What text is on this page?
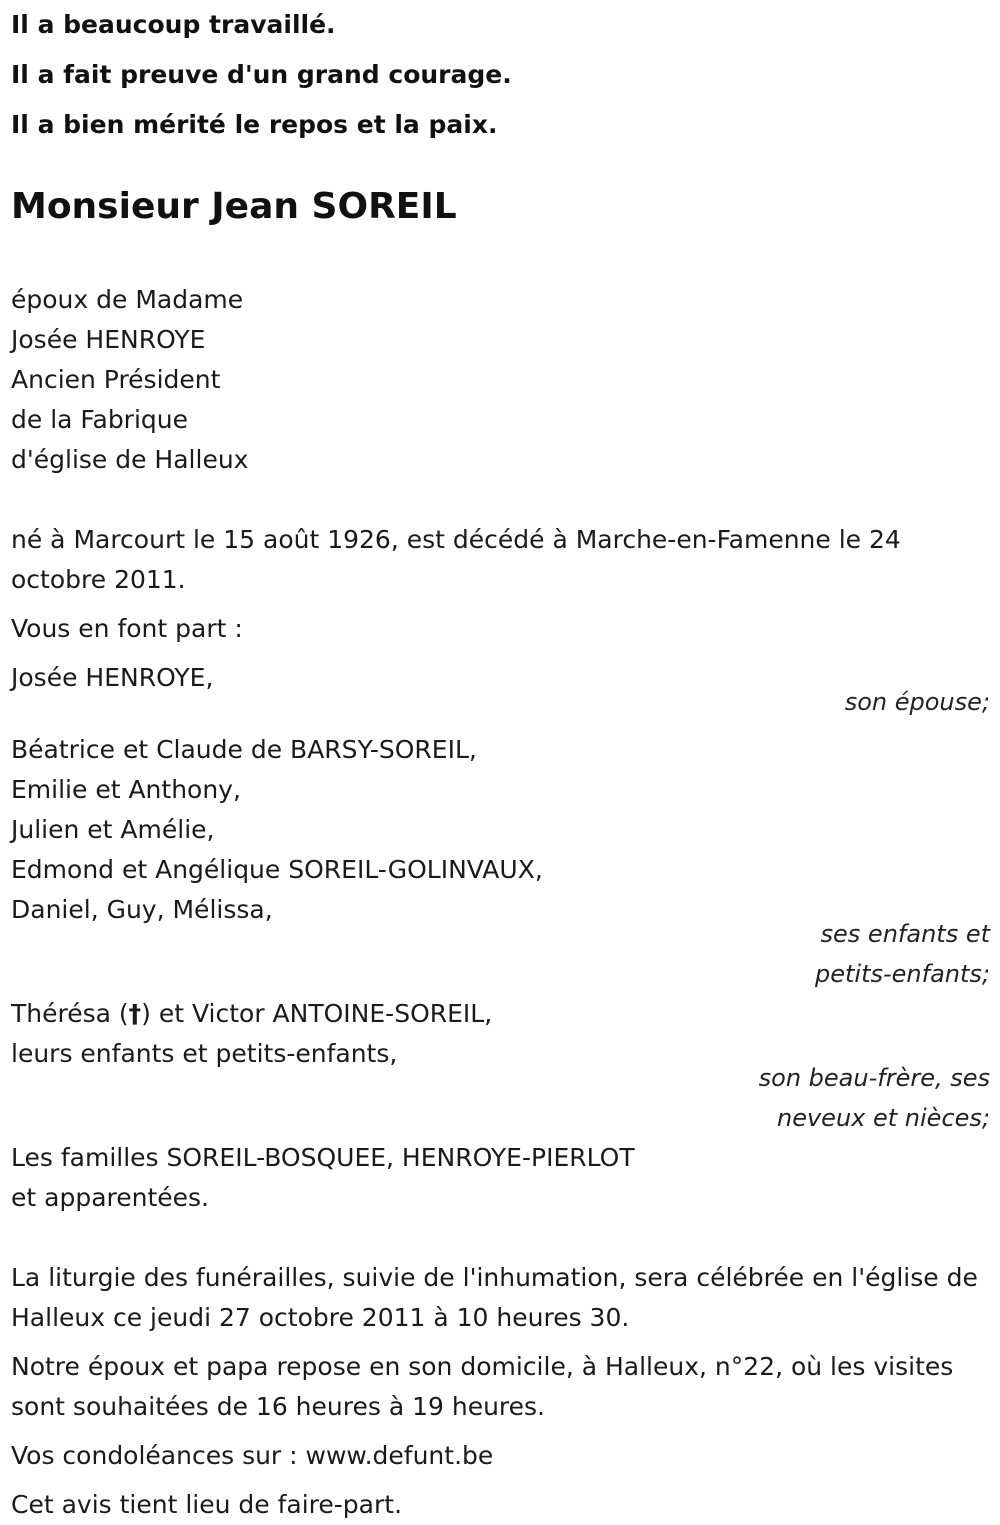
Il a beaucoup travaillé.

Il a fait preuve d'un grand courage.

Il a bien mérité le repos et la paix.

Monsieur Jean SOREIL

époux de Madame

Josée HENROYE

Ancien Président

de la Fabrique

d'église de Halleux

né à Marcourt le 15 août 1926, est décédé à Marche-en-Famenne le 24 octobre 2011.

Vous en font part :

Josée HENROYE,

son épouse;

Béatrice et Claude de BARSY-SOREIL,

Emilie et Anthony,

Julien et Amélie,

Edmond et Angélique SOREIL-GOLINVAUX,

Daniel, Guy, Mélissa,

ses enfants et

petits-enfants;

Thérésa (†) et Victor ANTOINE-SOREIL,

leurs enfants et petits-enfants,

son beau-frère, ses

neveux et nièces;

Les familles SOREIL-BOSQUEE, HENROYE-PIERLOT

et apparentées.

La liturgie des funérailles, suivie de l'inhumation, sera célébrée en l'église de Halleux ce jeudi 27 octobre 2011 à 10 heures 30.

Notre époux et papa repose en son domicile, à Halleux, n°22, où les visites sont souhaitées de 16 heures à 19 heures.

Vos condoléances sur : www.defunt.be

Cet avis tient lieu de faire-part.
